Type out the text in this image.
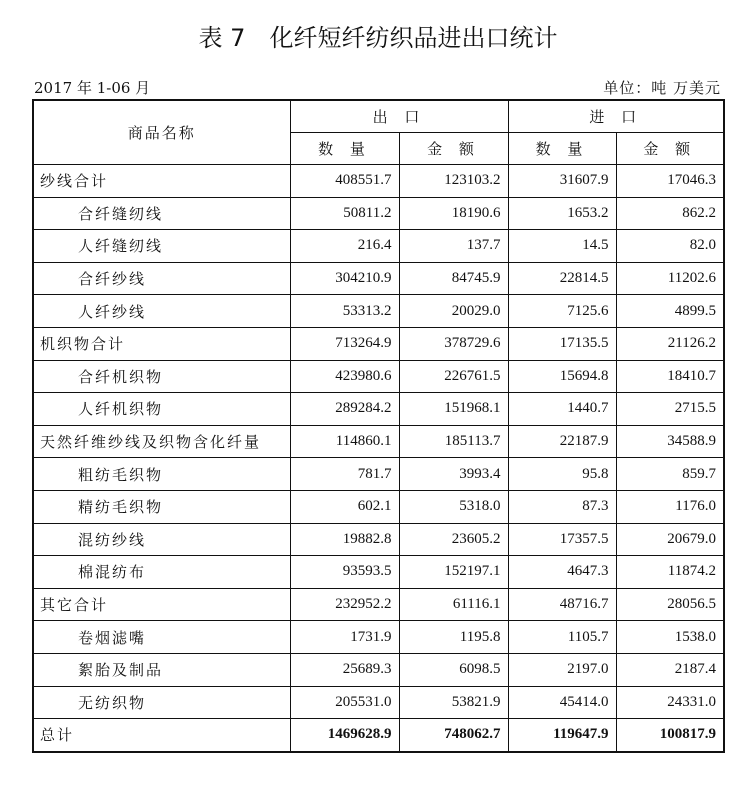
表 7　化纤短纤纺织品进出口统计
2017 年 1-06 月	单位：吨 万美元
商品名称	出 口		进 口	
	数 量	金 额	数 量	金 额
纱线合计	408551.7	123103.2	31607.9	17046.3
合纤缝纫线	50811.2	18190.6	1653.2	862.2
人纤缝纫线	216.4	137.7	14.5	82.0
合纤纱线	304210.9	84745.9	22814.5	11202.6
人纤纱线	53313.2	20029.0	7125.6	4899.5
机织物合计	713264.9	378729.6	17135.5	21126.2
合纤机织物	423980.6	226761.5	15694.8	18410.7
人纤机织物	289284.2	151968.1	1440.7	2715.5
天然纤维纱线及织物含化纤量	114860.1	185113.7	22187.9	34588.9
粗纺毛织物	781.7	3993.4	95.8	859.7
精纺毛织物	602.1	5318.0	87.3	1176.0
混纺纱线	19882.8	23605.2	17357.5	20679.0
棉混纺布	93593.5	152197.1	4647.3	11874.2
其它合计	232952.2	61116.1	48716.7	28056.5
卷烟滤嘴	1731.9	1195.8	1105.7	1538.0
絮胎及制品	25689.3	6098.5	2197.0	2187.4
无纺织物	205531.0	53821.9	45414.0	24331.0
总计	1469628.9	748062.7	119647.9	100817.9
